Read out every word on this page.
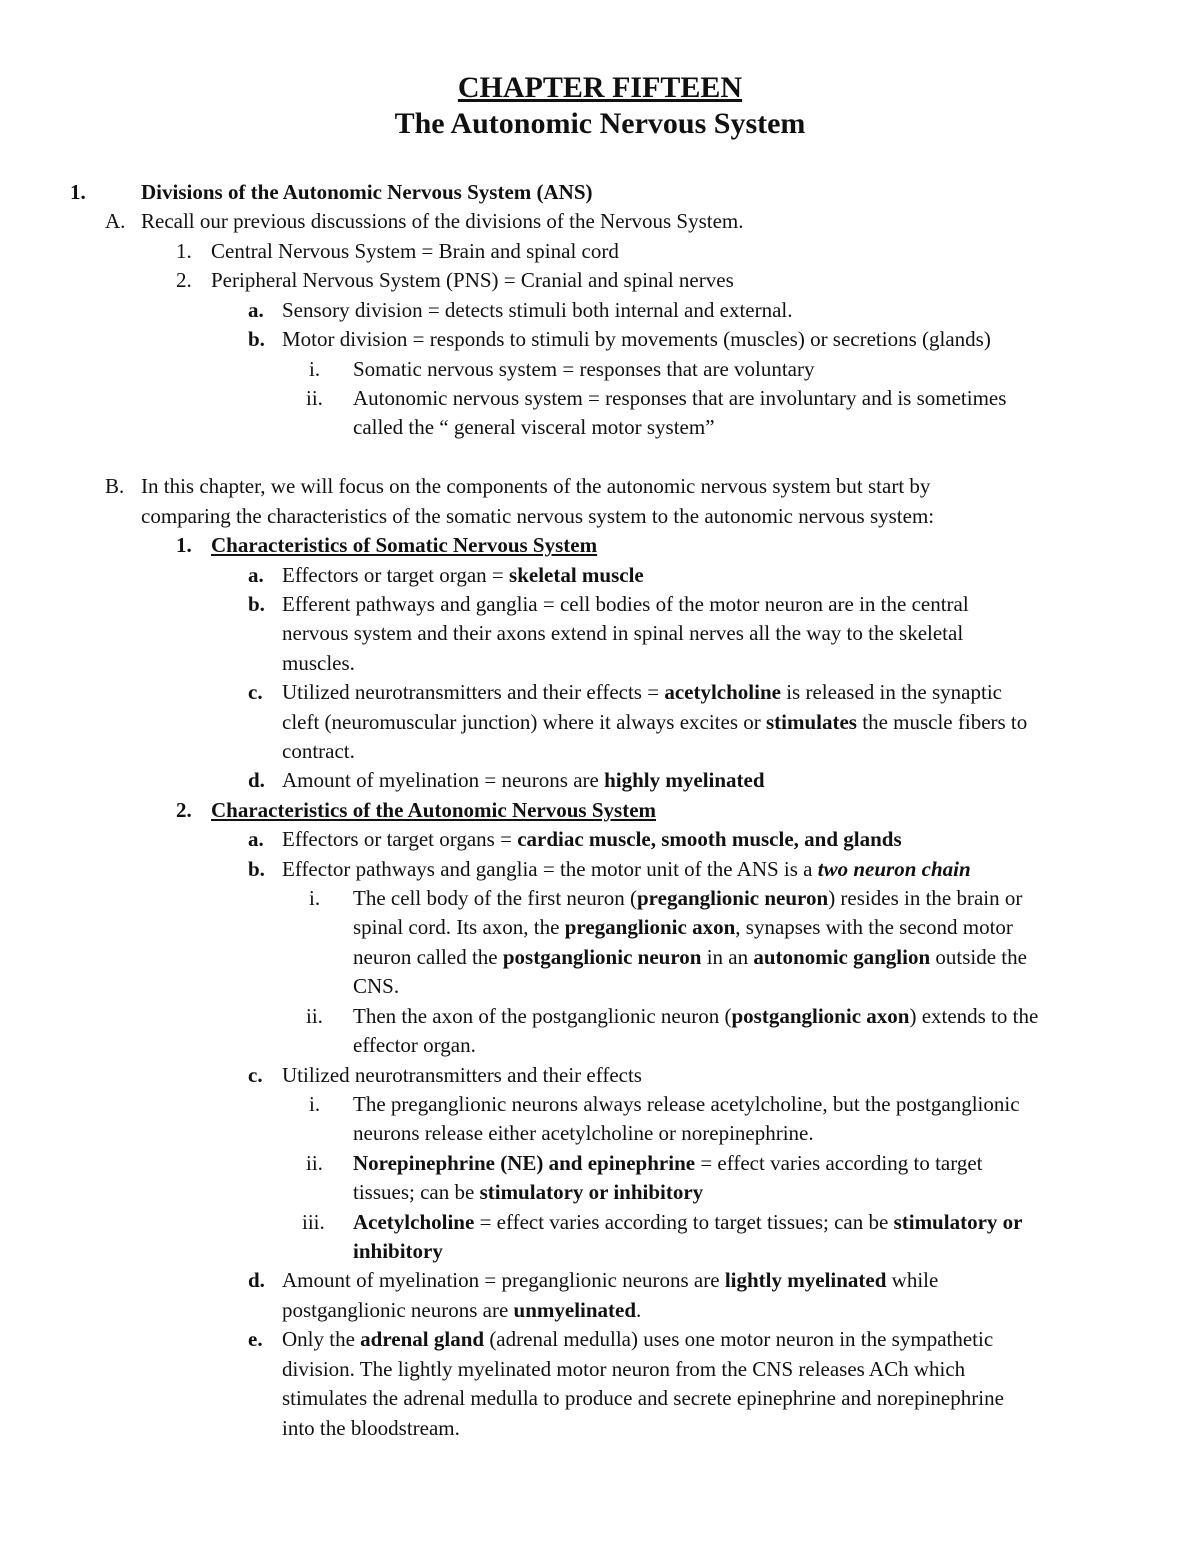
CHAPTER FIFTEEN
The Autonomic Nervous System
1.	Divisions of the Autonomic Nervous System (ANS)
A. Recall our previous discussions of the divisions of the Nervous System.
1. Central Nervous System = Brain and spinal cord
2. Peripheral Nervous System (PNS) = Cranial and spinal nerves
a. Sensory division = detects stimuli both internal and external.
b. Motor division = responds to stimuli by movements (muscles) or secretions (glands)
i. Somatic nervous system = responses that are voluntary
ii. Autonomic nervous system = responses that are involuntary and is sometimes
called the “ general visceral motor system”
B. In this chapter, we will focus on the components of the autonomic nervous system but start by
comparing the characteristics of the somatic nervous system to the autonomic nervous system:
1. Characteristics of Somatic Nervous System
a. Effectors or target organ = skeletal muscle
b. Efferent pathways and ganglia = cell bodies of the motor neuron are in the central
nervous system and their axons extend in spinal nerves all the way to the skeletal
muscles.
c. Utilized neurotransmitters and their effects = acetylcholine is released in the synaptic
cleft (neuromuscular junction) where it always excites or stimulates the muscle fibers to
contract.
d. Amount of myelination = neurons are highly myelinated
2. Characteristics of the Autonomic Nervous System
a. Effectors or target organs = cardiac muscle, smooth muscle, and glands
b. Effector pathways and ganglia = the motor unit of the ANS is a two neuron chain
i. The cell body of the first neuron (preganglionic neuron) resides in the brain or
spinal cord. Its axon, the preganglionic axon, synapses with the second motor
neuron called the postganglionic neuron in an autonomic ganglion outside the
CNS.
ii. Then the axon of the postganglionic neuron (postganglionic axon) extends to the
effector organ.
c. Utilized neurotransmitters and their effects
i. The preganglionic neurons always release acetylcholine, but the postganglionic
neurons release either acetylcholine or norepinephrine.
ii. Norepinephrine (NE) and epinephrine = effect varies according to target
tissues; can be stimulatory or inhibitory
iii. Acetylcholine = effect varies according to target tissues; can be stimulatory or
inhibitory
d. Amount of myelination = preganglionic neurons are lightly myelinated while
postganglionic neurons are unmyelinated.
e. Only the adrenal gland (adrenal medulla) uses one motor neuron in the sympathetic
division. The lightly myelinated motor neuron from the CNS releases ACh which
stimulates the adrenal medulla to produce and secrete epinephrine and norepinephrine
into the bloodstream.
